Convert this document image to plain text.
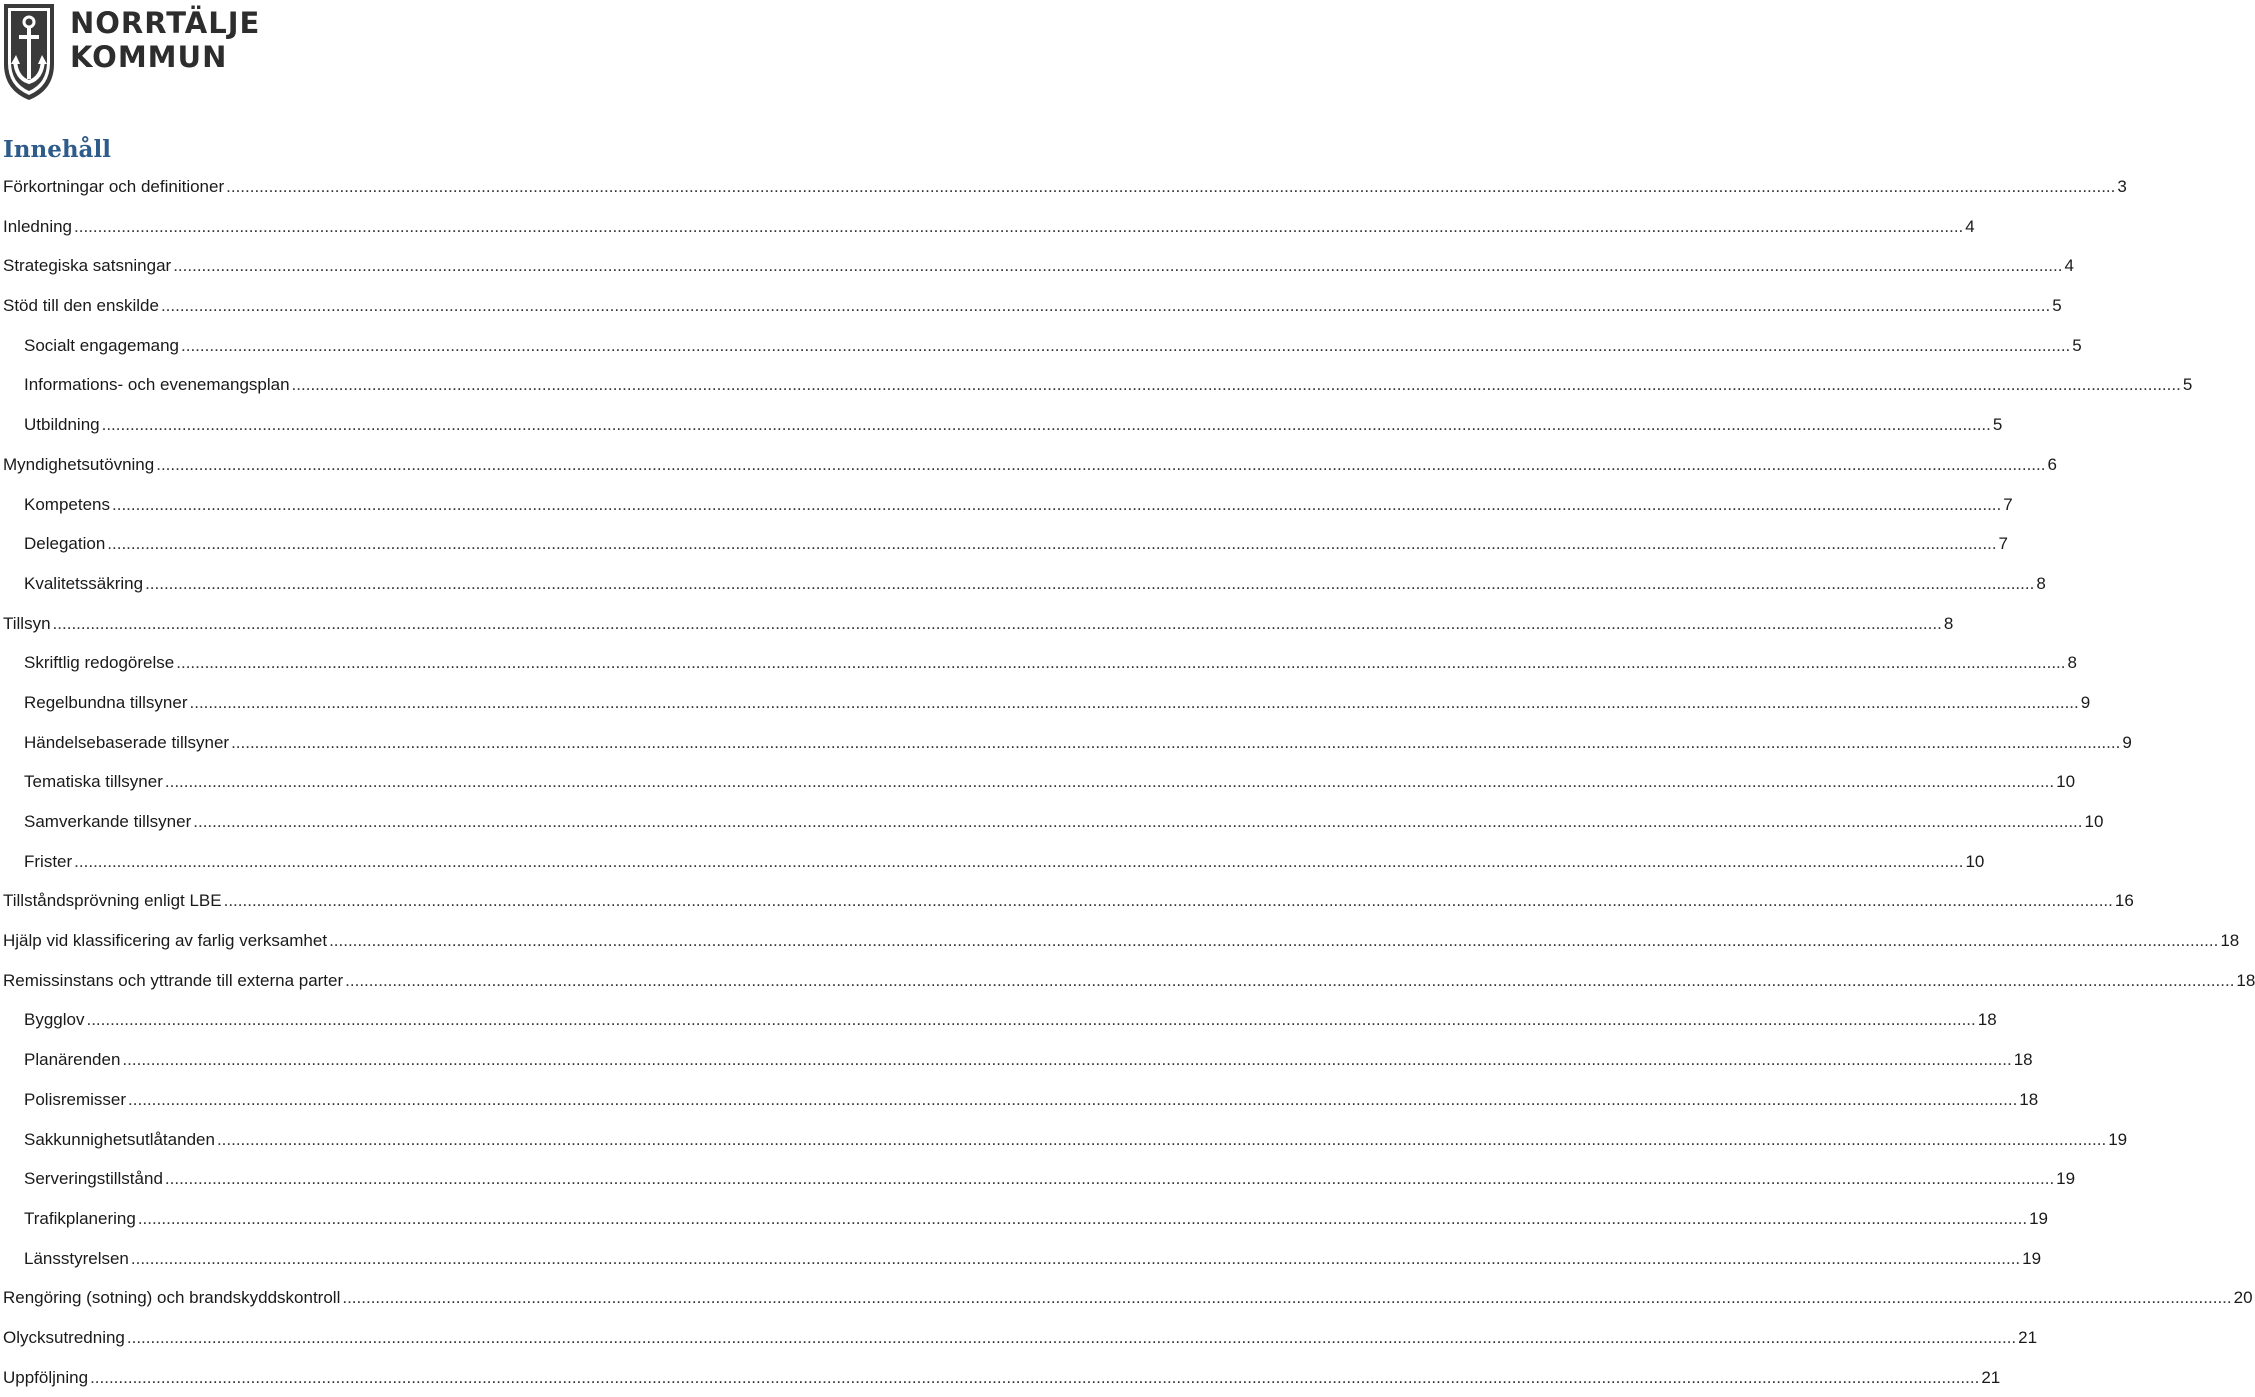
NORRTÄLJE
KOMMUN
Innehåll
Förkortningar och definitioner ................................................................................................................................................................................................................................................................................................................................................................................................................ 3
Inledning ................................................................................................................................................................................................................................................................................................................................................................................................................ 4
Strategiska satsningar ................................................................................................................................................................................................................................................................................................................................................................................................................ 4
Stöd till den enskilde ................................................................................................................................................................................................................................................................................................................................................................................................................ 5
Socialt engagemang ................................................................................................................................................................................................................................................................................................................................................................................................................ 5
Informations- och evenemangsplan ................................................................................................................................................................................................................................................................................................................................................................................................................ 5
Utbildning ................................................................................................................................................................................................................................................................................................................................................................................................................ 5
Myndighetsutövning ................................................................................................................................................................................................................................................................................................................................................................................................................ 6
Kompetens ................................................................................................................................................................................................................................................................................................................................................................................................................ 7
Delegation ................................................................................................................................................................................................................................................................................................................................................................................................................ 7
Kvalitetssäkring ................................................................................................................................................................................................................................................................................................................................................................................................................ 8
Tillsyn ................................................................................................................................................................................................................................................................................................................................................................................................................ 8
Skriftlig redogörelse ................................................................................................................................................................................................................................................................................................................................................................................................................ 8
Regelbundna tillsyner ................................................................................................................................................................................................................................................................................................................................................................................................................ 9
Händelsebaserade tillsyner ................................................................................................................................................................................................................................................................................................................................................................................................................ 9
Tematiska tillsyner ................................................................................................................................................................................................................................................................................................................................................................................................................ 10
Samverkande tillsyner ................................................................................................................................................................................................................................................................................................................................................................................................................ 10
Frister ................................................................................................................................................................................................................................................................................................................................................................................................................ 10
Tillståndsprövning enligt LBE ................................................................................................................................................................................................................................................................................................................................................................................................................ 16
Hjälp vid klassificering av farlig verksamhet ................................................................................................................................................................................................................................................................................................................................................................................................................ 18
Remissinstans och yttrande till externa parter ................................................................................................................................................................................................................................................................................................................................................................................................................ 18
Bygglov ................................................................................................................................................................................................................................................................................................................................................................................................................ 18
Planärenden ................................................................................................................................................................................................................................................................................................................................................................................................................ 18
Polisremisser ................................................................................................................................................................................................................................................................................................................................................................................................................ 18
Sakkunnighetsutlåtanden ................................................................................................................................................................................................................................................................................................................................................................................................................ 19
Serveringstillstånd ................................................................................................................................................................................................................................................................................................................................................................................................................ 19
Trafikplanering ................................................................................................................................................................................................................................................................................................................................................................................................................ 19
Länsstyrelsen ................................................................................................................................................................................................................................................................................................................................................................................................................ 19
Rengöring (sotning) och brandskyddskontroll ................................................................................................................................................................................................................................................................................................................................................................................................................ 20
Olycksutredning ................................................................................................................................................................................................................................................................................................................................................................................................................ 21
Uppföljning ................................................................................................................................................................................................................................................................................................................................................................................................................ 21
